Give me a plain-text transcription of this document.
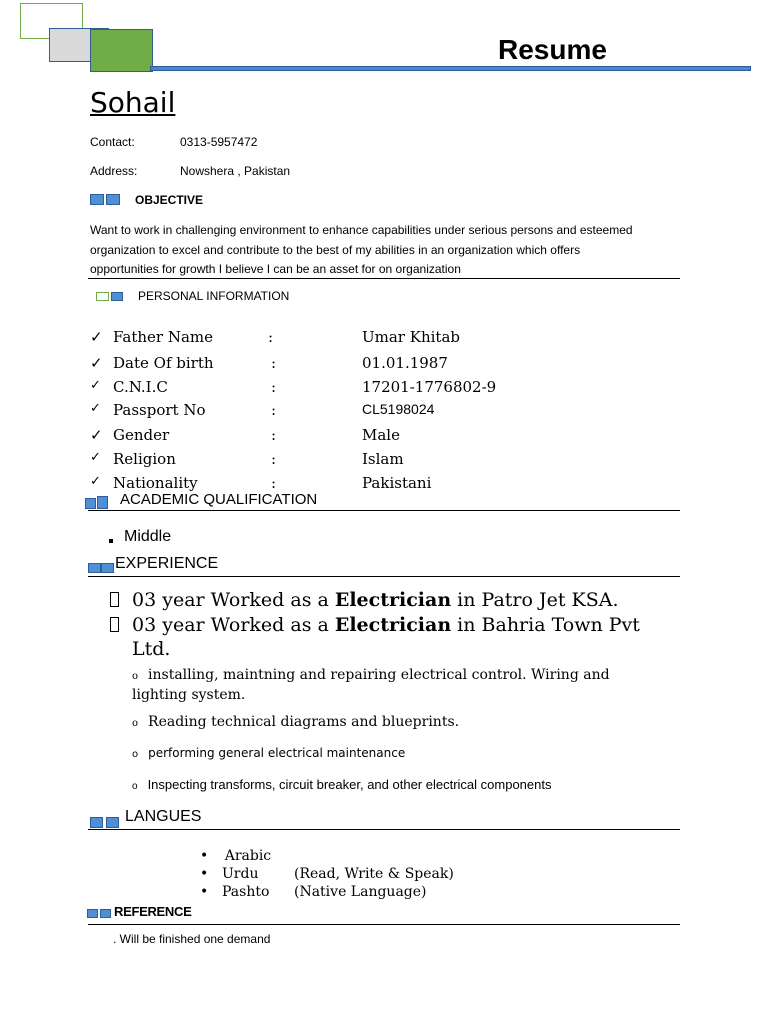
Resume
Sohail
Contact:	0313-5957472
Address:	Nowshera , Pakistan
OBJECTIVE
Want to work in challenging environment to enhance capabilities under serious persons and esteemed
organization to excel and contribute to the best of my abilities in an organization which offers
opportunities for growth I believe I can be an asset for on organization
PERSONAL INFORMATION
✓ Father Name	:	Umar Khitab
✓ Date Of birth	:	01.01.1987
✓ C.N.I.C	:	17201-1776802-9
✓ Passport No	:	CL5198024
✓ Gender	:	Male
✓ Religion	:	Islam
✓ Nationality	:	Pakistani
ACADEMIC QUALIFICATION
Middle
EXPERIENCE
03 year Worked as a Electrician in Patro Jet KSA.
03 year Worked as a Electrician in Bahria Town Pvt
Ltd.
o installing, maintning and repairing electrical control. Wiring and
lighting system.
o Reading technical diagrams and blueprints.
o performing general electrical maintenance
o Inspecting transforms, circuit breaker, and other electrical components
LANGUES
• Arabic
• Urdu	(Read, Write & Speak)
• Pashto (Native Language)
REFERENCE
. Will be finished one demand
